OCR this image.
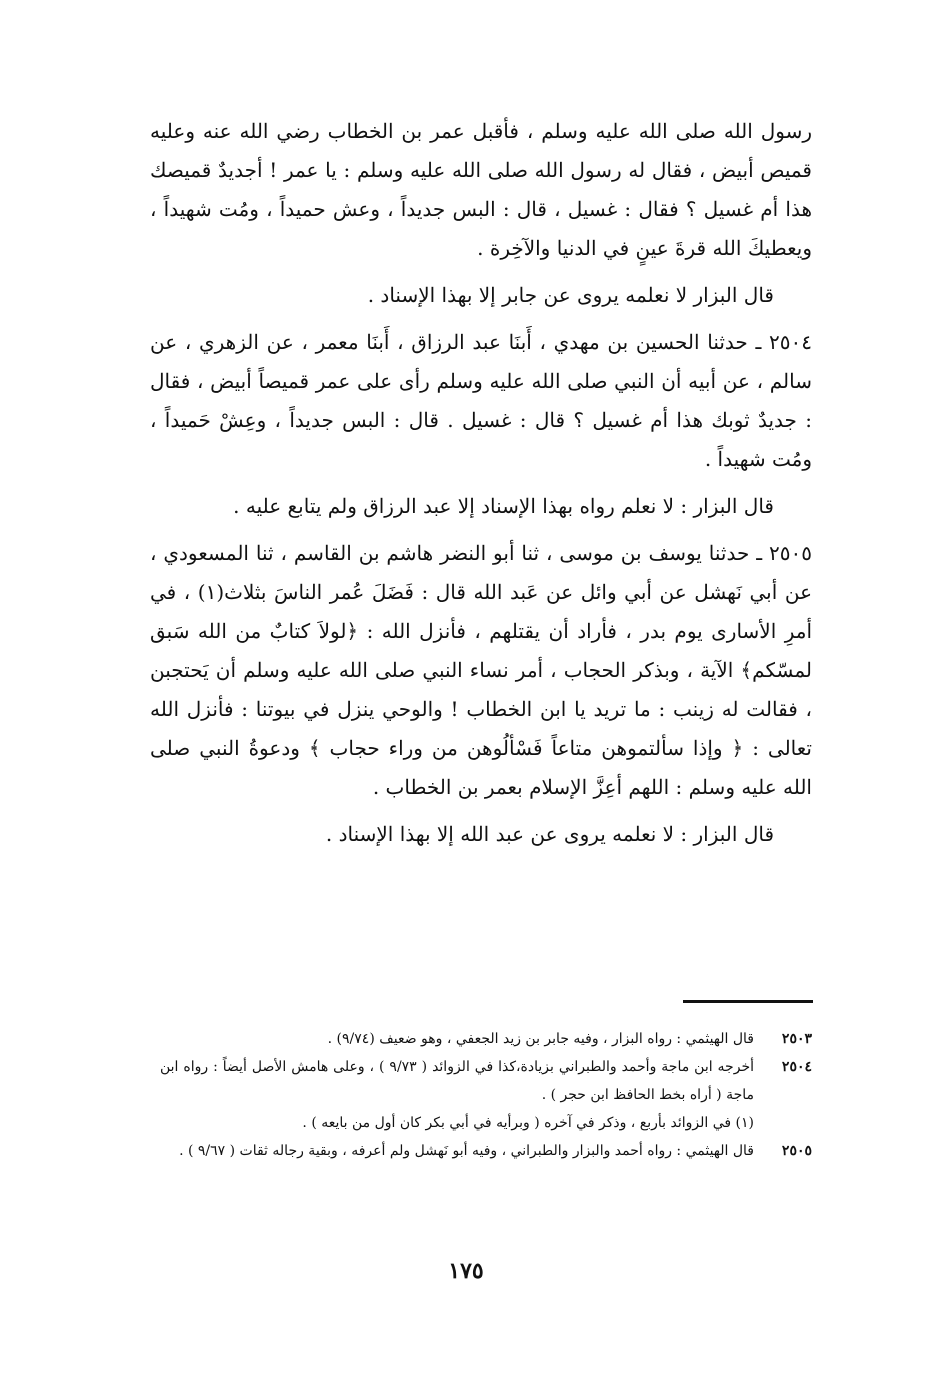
رسول الله صلى الله عليه وسلم ، فأقبل عمر بن الخطاب رضي الله عنه وعليه قميص أبيض ، فقال له رسول الله صلى الله عليه وسلم : يا عمر ! أجديدٌ قميصك هذا أم غسيل ؟ فقال : غسيل ، قال : البس جديداً ، وعش حميداً ، ومُت شهيداً ، ويعطيكَ الله قرةَ عينٍ في الدنيا والآخِرة .

قال البزار لا نعلمه يروى عن جابر إلا بهذا الإسناد .

٢٥٠٤ ـ حدثنا الحسين بن مهدي ، أَبنَا عبد الرزاق ، أَبنَا معمر ، عن الزهري ، عن سالم ، عن أبيه أن النبي صلى الله عليه وسلم رأى على عمر قميصاً أبيض ، فقال : جديدٌ ثوبك هذا أم غسيل ؟ قال : غسيل . قال : البس جديداً ، وعِشْ حَميداً ، ومُت شهيداً .

قال البزار : لا نعلم رواه بهذا الإسناد إلا عبد الرزاق ولم يتابع عليه .

٢٥٠٥ ـ حدثنا يوسف بن موسى ، ثنا أبو النضر هاشم بن القاسم ، ثنا المسعودي ، عن أبي نَهشل عن أبي وائل عن عَبد الله قال : فَضَلَ عُمر الناسَ بثلاث(١) ، في أمرِ الأسارى يوم بدر ، فأراد أن يقتلهم ، فأنزل الله : ﴿لولاَ كتابٌ من الله سَبق لمسّكم﴾ الآية ، وبذكر الحجاب ، أمر نساء النبي صلى الله عليه وسلم أن يَحتجبن ، فقالت له زينب : ما تريد يا ابن الخطاب ! والوحي ينزل في بيوتنا : فأنزل الله تعالى : ﴿ وإذا سألتموهن متاعاً فَسْألُوهن من وراء حجاب ﴾ ودعوةُ النبي صلى الله عليه وسلم : اللهم أعِزَّ الإسلام بعمر بن الخطاب .

قال البزار : لا نعلمه يروى عن عبد الله إلا بهذا الإسناد .

٢٥٠٣
قال الهيثمي : رواه البزار ، وفيه جابر بن زيد الجعفي ، وهو ضعيف (٩/٧٤) .
٢٥٠٤
أخرجه ابن ماجة وأحمد والطبراني بزيادة،كذا في الزوائد ( ٩/٧٣ ) ، وعلى هامش الأصل أيضاً : رواه ابن ماجة ( أراه بخط الحافظ ابن حجر ) .
(١) في الزوائد بأربع ، وذكر في آخره ( وبرأيه في أبي بكر كان أول من بايعه ) .
٢٥٠٥
قال الهيثمي : رواه أحمد والبزار والطبراني ، وفيه أبو نَهشل ولم أعرفه ، وبقية رجاله ثقات ( ٩/٦٧ ) .
١٧٥
